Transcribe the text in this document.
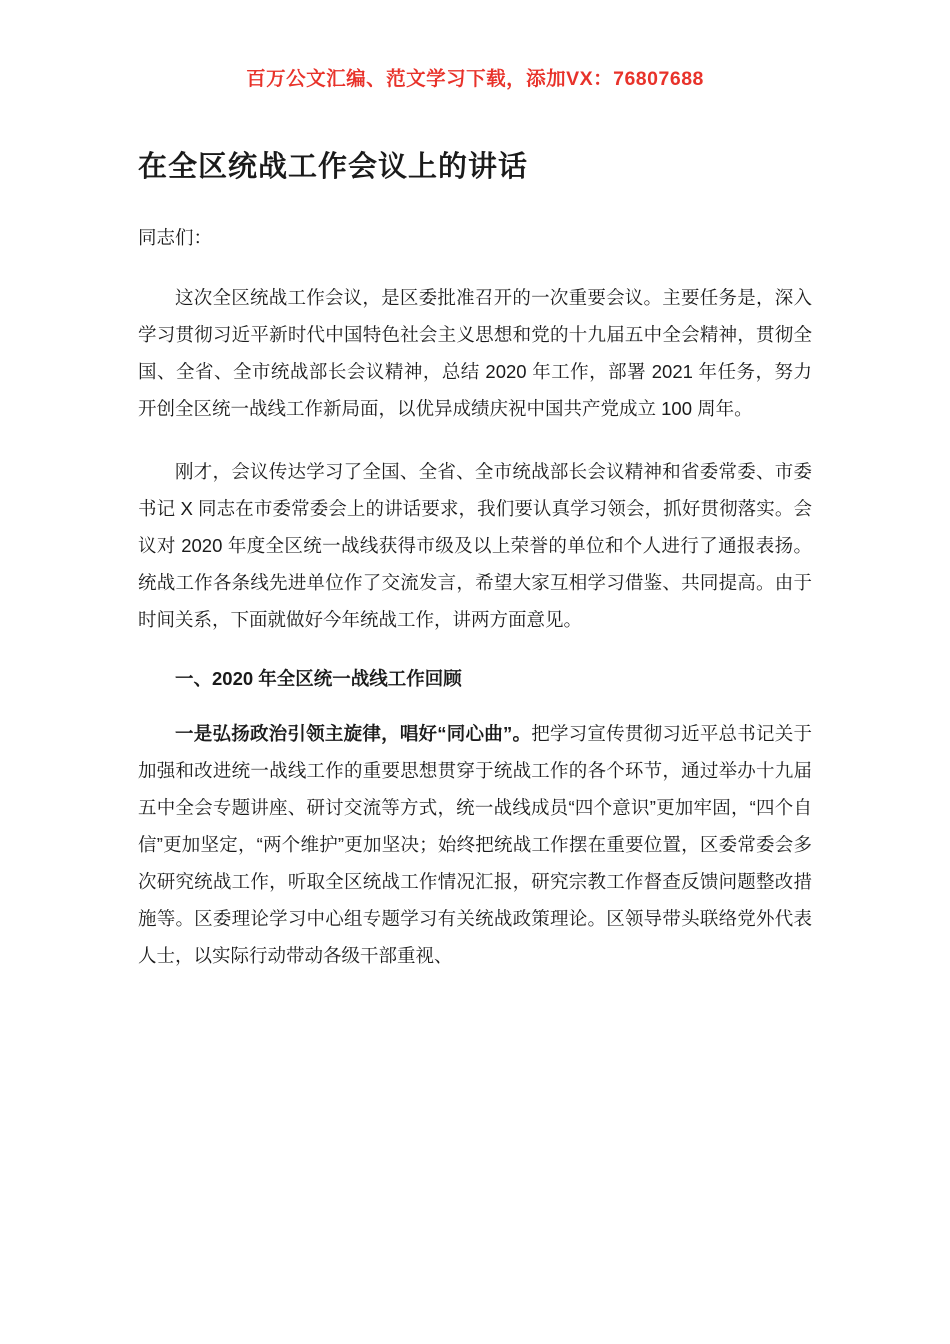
百万公文汇编、范文学习下载，添加VX：76807688
在全区统战工作会议上的讲话
同志们：

这次全区统战工作会议，是区委批准召开的一次重要会议。主要任务是，深入学习贯彻习近平新时代中国特色社会主义思想和党的十九届五中全会精神，贯彻全国、全省、全市统战部长会议精神，总结 2020 年工作，部署 2021 年任务，努力开创全区统一战线工作新局面，以优异成绩庆祝中国共产党成立 100 周年。

刚才，会议传达学习了全国、全省、全市统战部长会议精神和省委常委、市委书记 X 同志在市委常委会上的讲话要求，我们要认真学习领会，抓好贯彻落实。会议对 2020 年度全区统一战线获得市级及以上荣誉的单位和个人进行了通报表扬。统战工作各条线先进单位作了交流发言，希望大家互相学习借鉴、共同提高。由于时间关系，下面就做好今年统战工作，讲两方面意见。

一、2020 年全区统一战线工作回顾

一是弘扬政治引领主旋律，唱好“同心曲”。把学习宣传贯彻习近平总书记关于加强和改进统一战线工作的重要思想贯穿于统战工作的各个环节，通过举办十九届五中全会专题讲座、研讨交流等方式，统一战线成员“四个意识”更加牢固，“四个自信”更加坚定，“两个维护”更加坚决；始终把统战工作摆在重要位置，区委常委会多次研究统战工作，听取全区统战工作情况汇报，研究宗教工作督查反馈问题整改措施等。区委理论学习中心组专题学习有关统战政策理论。区领导带头联络党外代表人士，以实际行动带动各级干部重视、
